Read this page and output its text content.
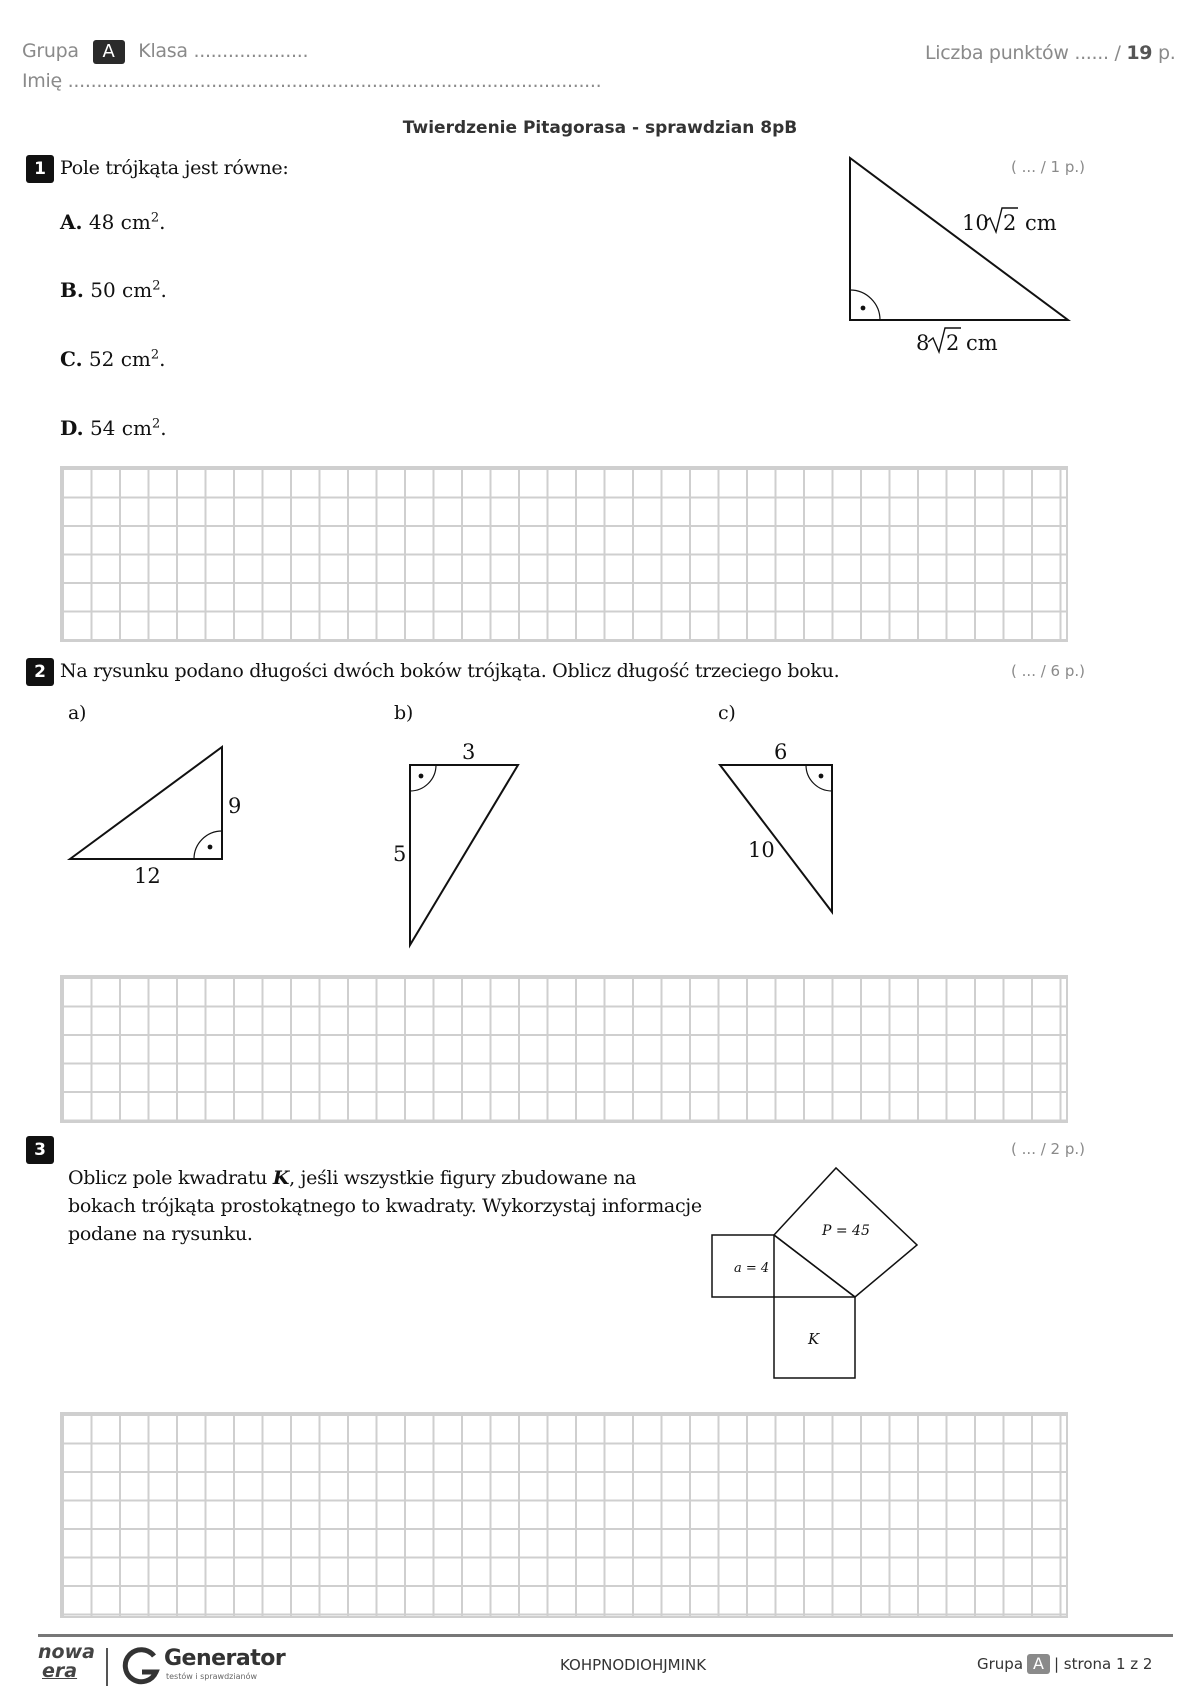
Grupa A Klasa ....................
Imię .............................................................................................
Liczba punktów ...... / 19 p.
Twierdzenie Pitagorasa - sprawdzian 8pB
1 Pole trójkąta jest równe:	( ... / 1 p.)
A. 48 $cm^2$.
B. 50 $cm^2$.
C. 52 $cm^2$.
D. 54 $cm^2$.
10 2 cm
8 2 cm
2 Na rysunku podano długości dwóch boków trójkąta. Oblicz długość trzeciego boku.	( ... / 6 p.)
a)	b)	c)
9
12
3
5
6
10
3	( ... / 2 p.)
Oblicz pole kwadratu K, jeśli wszystkie figury zbudowane na
bokach trójkąta prostokątnego to kwadraty. Wykorzystaj informacje
podane na rysunku.
a = 4
P = 45
K
nowa
era	Generator
testów i sprawdzianów
KOHPNODIOHJMINK	Grupa A | strona 1 z 2
